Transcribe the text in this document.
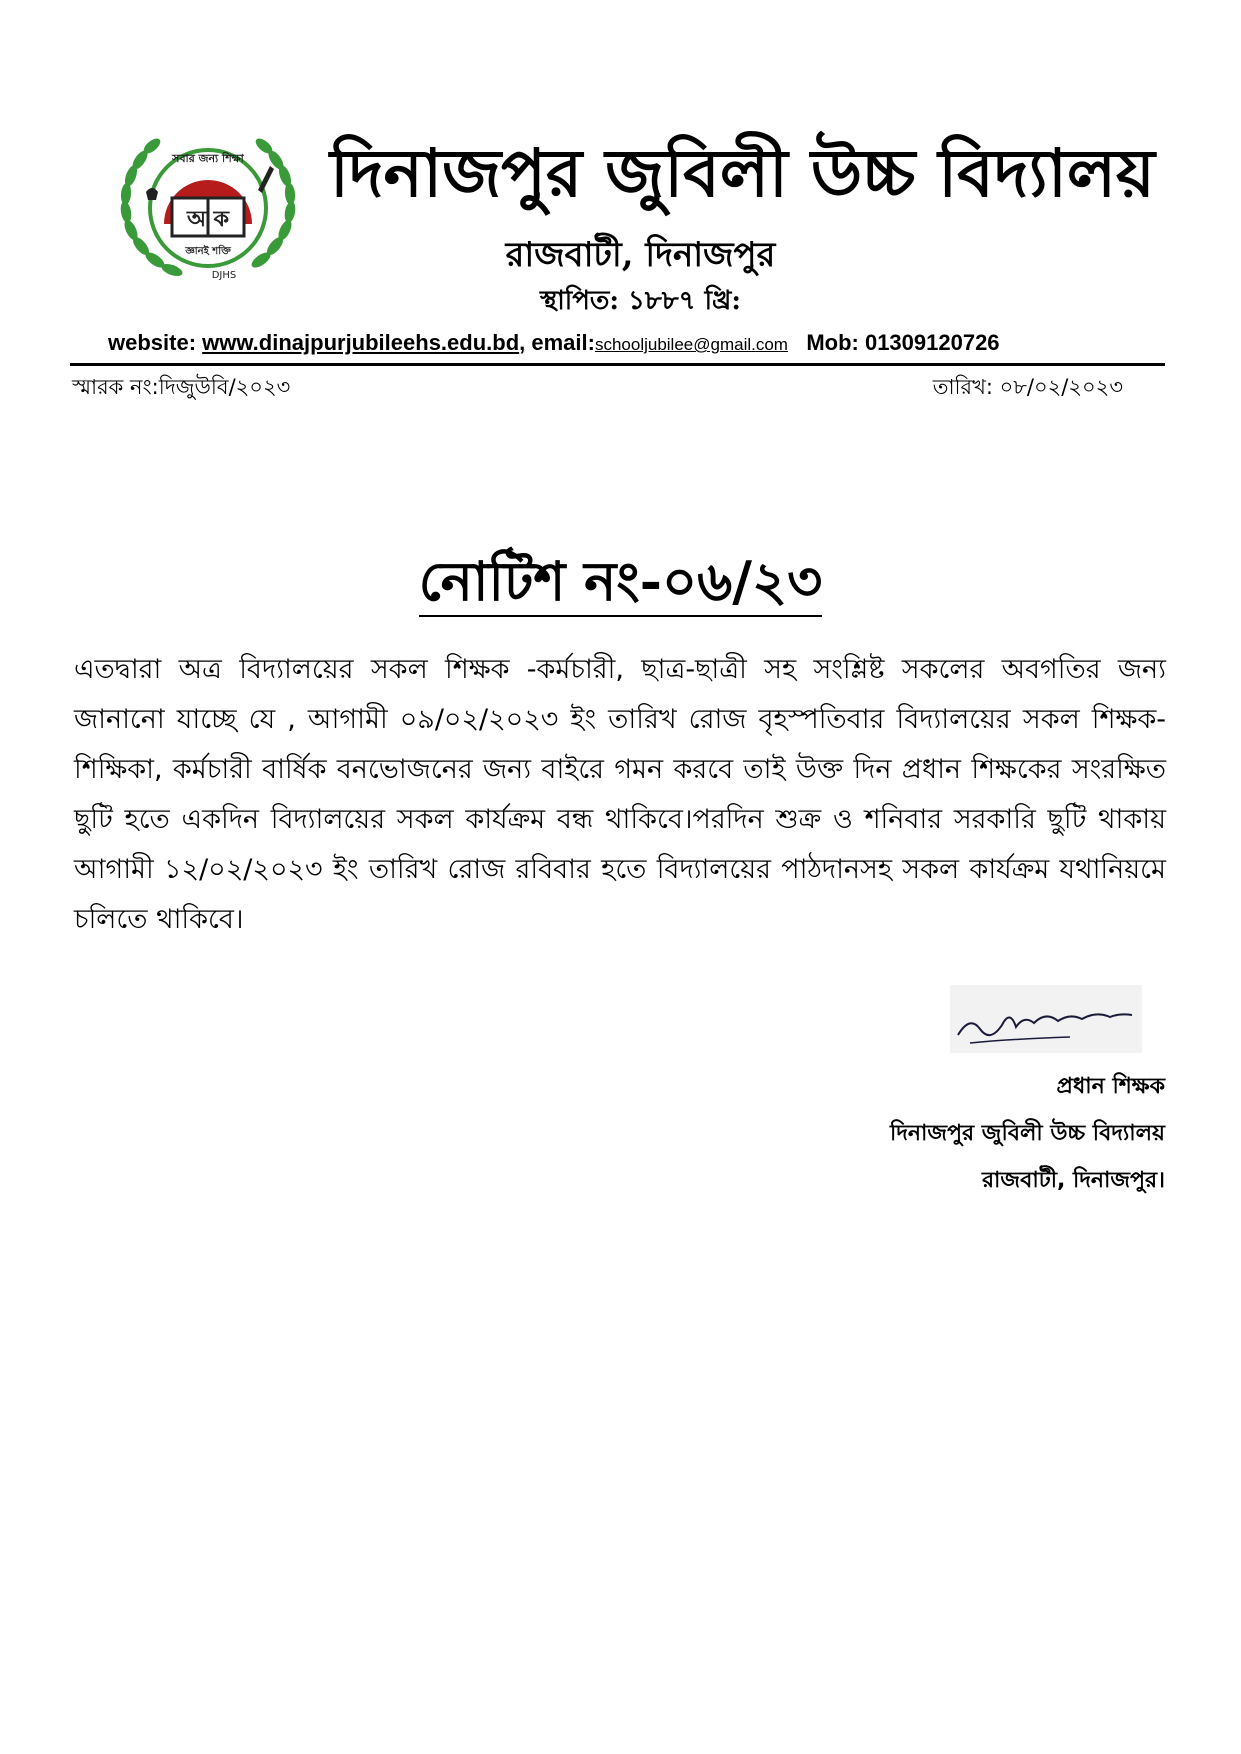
সবার জন্য শিক্ষা
অ ক
জ্ঞানই শক্তি
DJHS
দিনাজপুর জুবিলী উচ্চ বিদ্যালয়
রাজবাটী, দিনাজপুর
স্থাপিত: ১৮৮৭ খ্রি:
website: www.dinajpurjubileehs.edu.bd, email:schooljubilee@gmail.com Mob: 01309120726
স্মারক নং:দিজুউবি/২০২৩	তারিখ: ০৮/০২/২০২৩
নোটিশ নং-০৬/২৩
এতদ্বারা অত্র বিদ্যালয়ের সকল শিক্ষক -কর্মচারী, ছাত্র-ছাত্রী সহ সংশ্লিষ্ট সকলের অবগতির জন্য জানানো যাচ্ছে যে , আগামী ০৯/০২/২০২৩ ইং তারিখ রোজ বৃহস্পতিবার বিদ্যালয়ের সকল শিক্ষক-শিক্ষিকা, কর্মচারী বার্ষিক বনভোজনের জন্য বাইরে গমন করবে তাই উক্ত দিন প্রধান শিক্ষকের সংরক্ষিত ছুটি হতে একদিন বিদ্যালয়ের সকল কার্যক্রম বন্ধ থাকিবে।পরদিন শুক্র ও শনিবার সরকারি ছুটি থাকায় আগামী ১২/০২/২০২৩ ইং তারিখ রোজ রবিবার হতে বিদ্যালয়ের পাঠদানসহ সকল কার্যক্রম যথানিয়মে চলিতে থাকিবে।
প্রধান শিক্ষক
দিনাজপুর জুবিলী উচ্চ বিদ্যালয়
রাজবাটী, দিনাজপুর।
